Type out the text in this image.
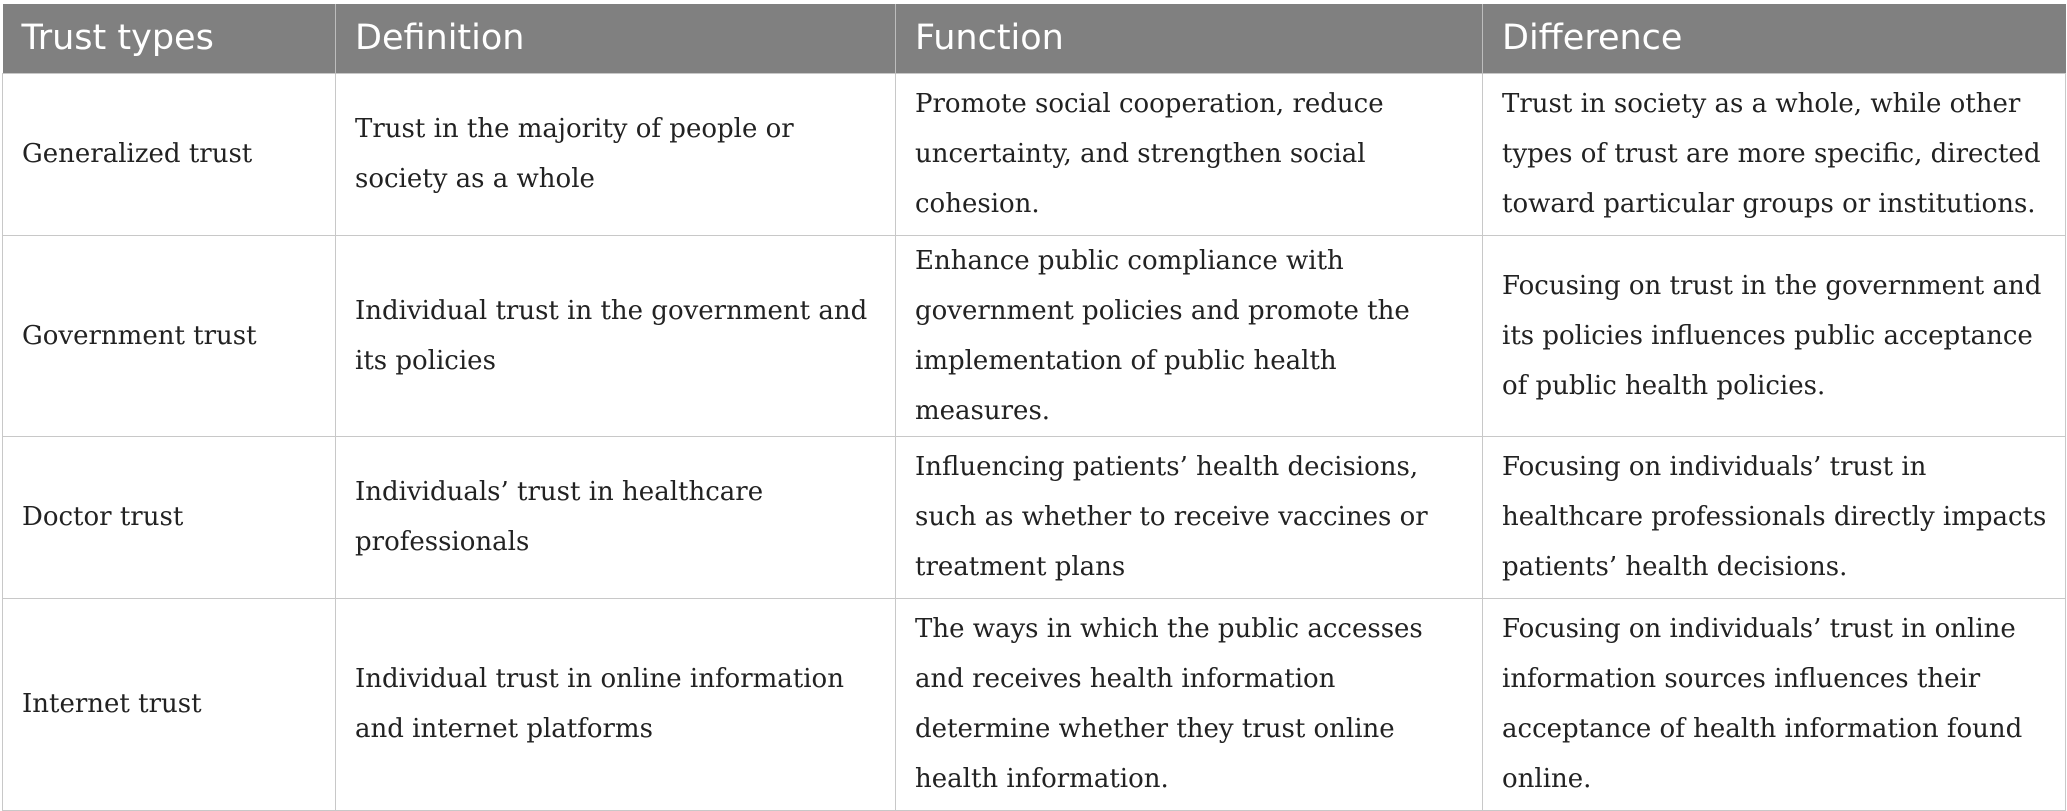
Trust types	Definition	Function	Difference
Generalized trust	Trust in the majority of people or society as a whole	Promote social cooperation, reduce uncertainty, and strengthen social cohesion.	Trust in society as a whole, while other types of trust are more specific, directed toward particular groups or institutions.
Government trust	Individual trust in the government and its policies	Enhance public compliance with government policies and promote the implementation of public health measures.	Focusing on trust in the government and its policies influences public acceptance of public health policies.
Doctor trust	Individuals’ trust in healthcare professionals	Influencing patients’ health decisions, such as whether to receive vaccines or treatment plans	Focusing on individuals’ trust in healthcare professionals directly impacts patients’ health decisions.
Internet trust	Individual trust in online information and internet platforms	The ways in which the public accesses and receives health information determine whether they trust online health information.	Focusing on individuals’ trust in online information sources influences their acceptance of health information found online.
